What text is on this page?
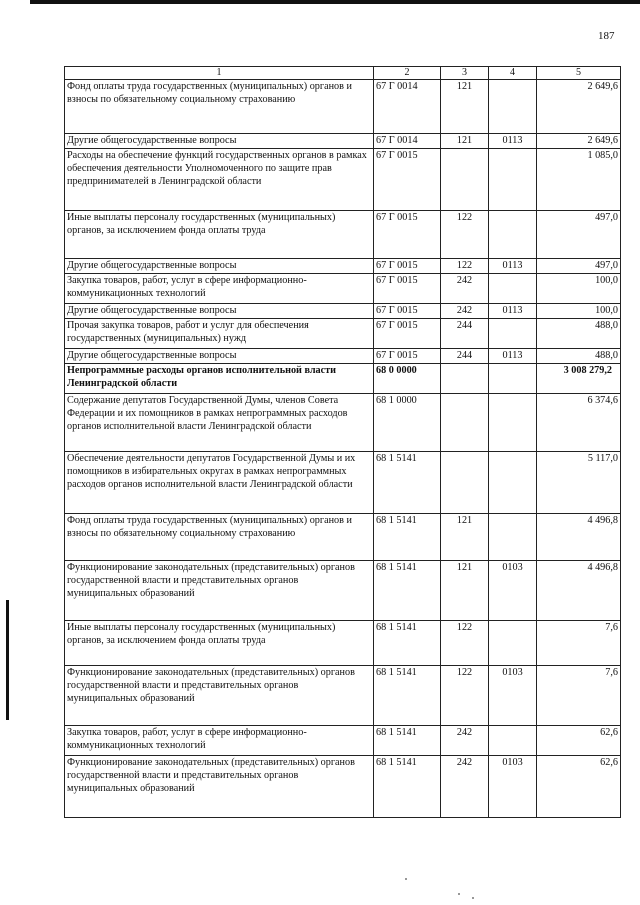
187
1	2	3	4	5
Фонд оплаты труда государственных (муниципальных) органов и взносы по обязательному социальному страхованию	67 Г 0014	121		2 649,6
Другие общегосударственные вопросы	67 Г 0014	121	0113	2 649,6
Расходы на обеспечение функций государственных органов в рамках обеспечения деятельности Уполномоченного по защите прав предпринимателей в Ленинградской области	67 Г 0015			1 085,0
Иные выплаты персоналу государственных (муниципальных) органов, за исключением фонда оплаты труда	67 Г 0015	122		497,0
Другие общегосударственные вопросы	67 Г 0015	122	0113	497,0
Закупка товаров, работ, услуг в сфере информационно-коммуникационных технологий	67 Г 0015	242		100,0
Другие общегосударственные вопросы	67 Г 0015	242	0113	100,0
Прочая закупка товаров, работ и услуг для обеспечения государственных (муниципальных) нужд	67 Г 0015	244		488,0
Другие общегосударственные вопросы	67 Г 0015	244	0113	488,0
Непрограммные расходы органов исполнительной власти Ленинградской области	68 0 0000			3 008 279,2
Содержание депутатов Государственной Думы, членов Совета Федерации и их помощников в рамках непрограммных расходов органов исполнительной власти Ленинградской области	68 1 0000			6 374,6
Обеспечение деятельности депутатов Государственной Думы и их помощников в избирательных округах в рамках непрограммных расходов органов исполнительной власти Ленинградской области	68 1 5141			5 117,0
Фонд оплаты труда государственных (муниципальных) органов и взносы по обязательному социальному страхованию	68 1 5141	121		4 496,8
Функционирование законодательных (представительных) органов государственной власти и представительных органов муниципальных образований	68 1 5141	121	0103	4 496,8
Иные выплаты персоналу государственных (муниципальных) органов, за исключением фонда оплаты труда	68 1 5141	122		7,6
Функционирование законодательных (представительных) органов государственной власти и представительных органов муниципальных образований	68 1 5141	122	0103	7,6
Закупка товаров, работ, услуг в сфере информационно-коммуникационных технологий	68 1 5141	242		62,6
Функционирование законодательных (представительных) органов государственной власти и представительных органов муниципальных образований	68 1 5141	242	0103	62,6
